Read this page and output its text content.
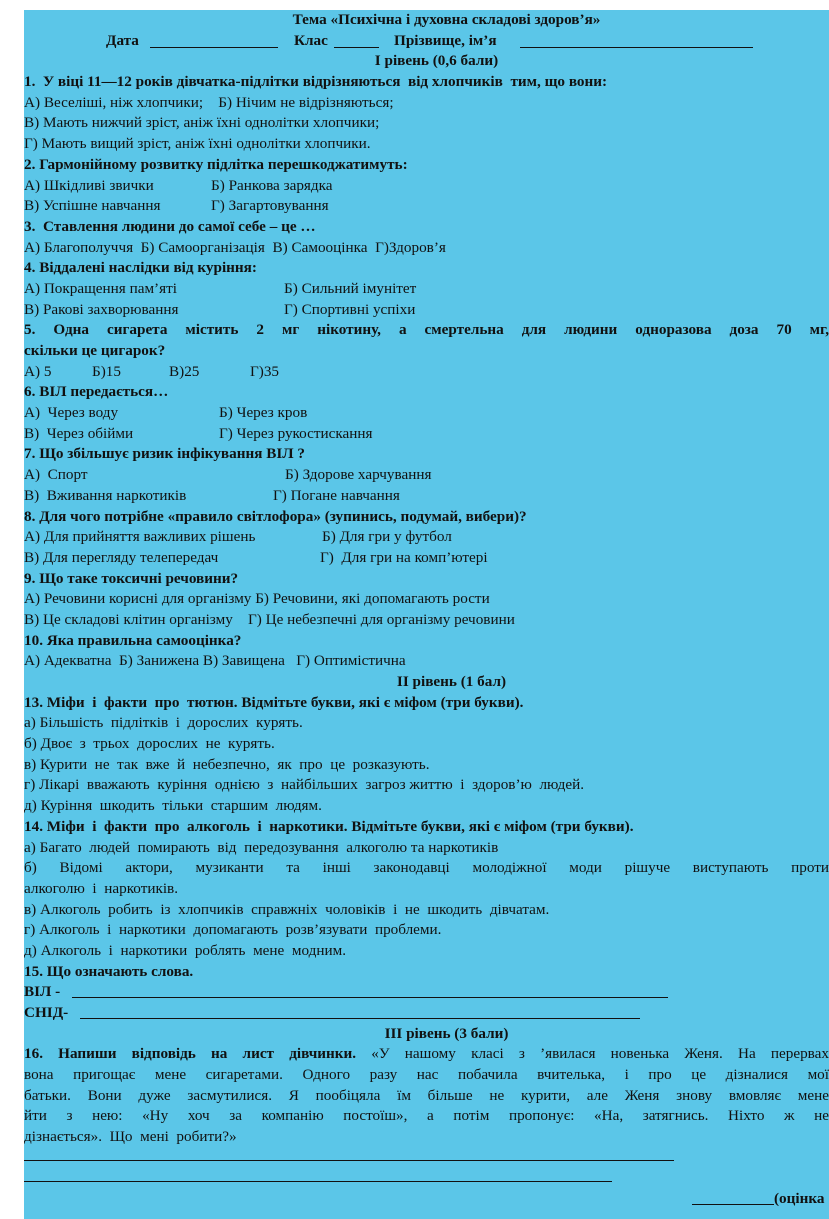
Тема «Психічна і духовна складові здоров’я»
Дата	Клас	Прізвище, ім’я
І рівень (0,6 бали)
1.  У віці 11—12 років дівчатка-підлітки відрізняються  від хлопчиків  тим, що вони:
А) Веселіші, ніж хлопчики;    Б) Нічим не відрізняються;
В) Мають нижчий зріст, аніж їхні однолітки хлопчики;
Г) Мають вищий зріст, аніж їхні однолітки хлопчики.
2. Гармонійному розвитку підлітка перешкоджатимуть:
А) Шкідливі звички	Б) Ранкова зарядка
В) Успішне навчання	Г) Загартовування
3.  Ставлення людини до самої себе – це …
А) Благополуччя  Б) Самоорганізація  В) Самооцінка  Г)Здоров’я
4. Віддалені наслідки від куріння:
А) Покращення пам’яті	Б) Сильний імунітет
В) Ракові захворювання	Г) Спортивні успіхи
5. Одна сигарета містить 2 мг нікотину, а смертельна для людини одноразова доза 70 мг,
скільки це цигарок?
А) 5	Б)15	В)25	Г)35
6. ВІЛ передається…
А)  Через воду	Б) Через кров
В)  Через обійми	Г) Через рукостискання
7. Що збільшує ризик інфікування ВІЛ ?
А)  Спорт	Б) Здорове харчування
В)  Вживання наркотиків	Г) Погане навчання
8. Для чого потрібне «правило світлофора» (зупинись, подумай, вибери)?
А) Для прийняття важливих рішень	Б) Для гри у футбол
В) Для перегляду телепередач	Г)  Для гри на комп’ютері
9. Що таке токсичні речовини?
А) Речовини корисні для організму Б) Речовини, які допомагають рости
В) Це складові клітин організму    Г) Це небезпечні для організму речовини
10. Яка правильна самооцінка?
А) Адекватна  Б) Занижена В) Завищена   Г) Оптимістична
ІІ рівень (1 бал)
13. Міфи  і  факти  про  тютюн. Відмітьте букви, які є міфом (три букви).
а) Більшість  підлітків  і  дорослих  курять.
б) Двоє  з  трьох  дорослих  не  курять.
в) Курити  не  так  вже  й  небезпечно,  як  про  це  розказують.
г) Лікарі  вважають  куріння  однією  з  найбільших  загроз життю  і  здоров’ю  людей.
д) Куріння  шкодить  тільки  старшим  людям.
14. Міфи  і  факти  про  алкоголь  і  наркотики. Відмітьте букви, які є міфом (три букви).
а) Багато  людей  помирають  від  передозування  алкоголю та наркотиків
б) Відомі актори, музиканти та інші законодавці молодіжної моди рішуче виступають проти
алкоголю  і  наркотиків.
в) Алкоголь  робить  із  хлопчиків  справжніх  чоловіків  і  не  шкодить  дівчатам.
г) Алкоголь  і  наркотики  допомагають  розв’язувати  проблеми.
д) Алкоголь  і  наркотики  роблять  мене  модним.
15. Що означають слова.
ВІЛ -
СНІД-
ІІІ рівень (3 бали)
16. Напиши відповідь на лист дівчинки. «У нашому класі з ’явилася новенька Женя. На перервах
вона пригощає мене сигаретами. Одного разу нас побачила вчителька, і про це дізналися мої
батьки. Вони дуже засмутилися. Я пообіцяла їм більше не курити, але Женя знову вмовляє мене
йти з нею: «Ну хоч за компанію постоїш», а потім пропонує: «На, затягнись. Ніхто ж не
дізнається».  Що  мені  робити?»
(оцінка
